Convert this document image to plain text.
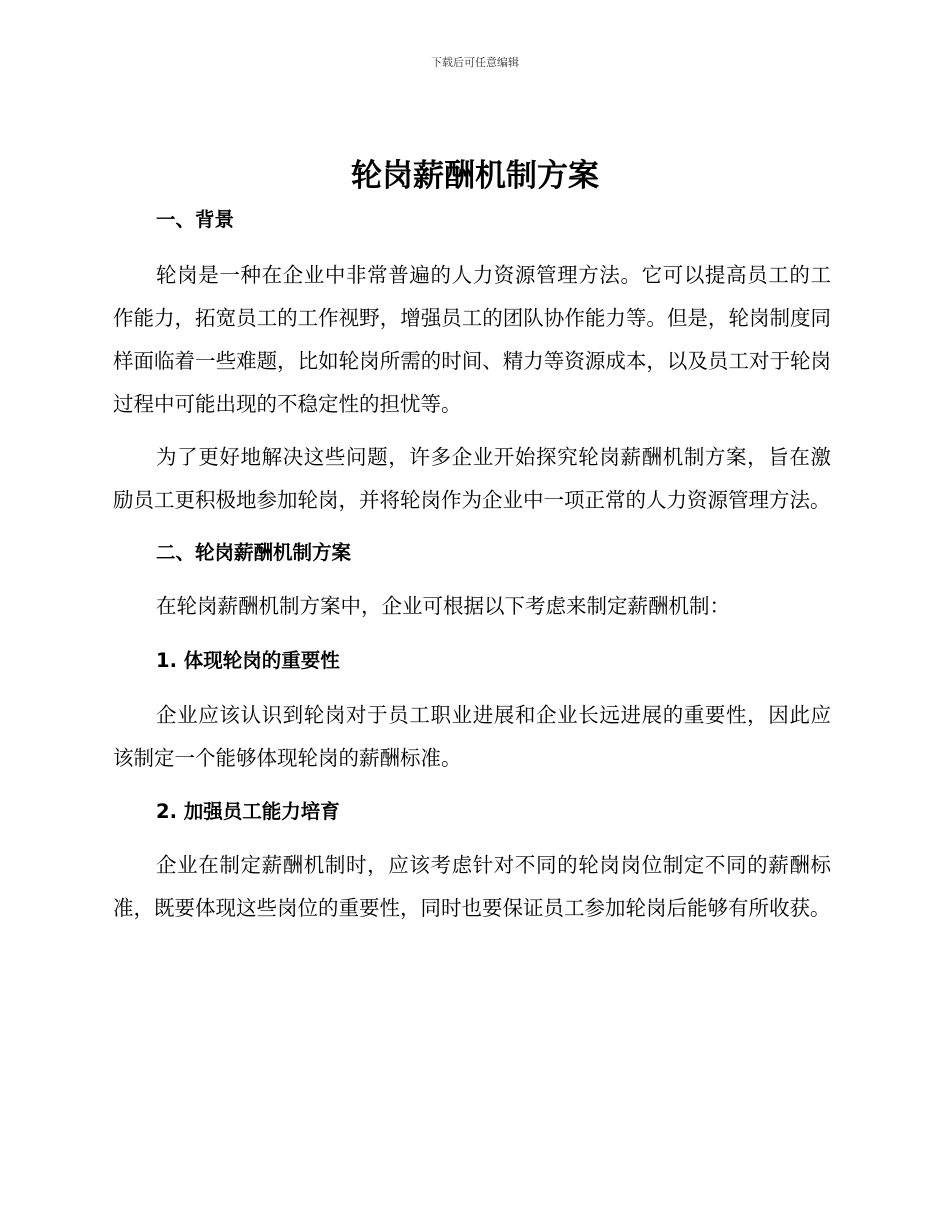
下载后可任意编辑
轮岗薪酬机制方案

一、背景

轮岗是一种在企业中非常普遍的人力资源管理方法。它可以提高员工的工作能力，拓宽员工的工作视野，增强员工的团队协作能力等。但是，轮岗制度同样面临着一些难题，比如轮岗所需的时间、精力等资源成本，以及员工对于轮岗过程中可能出现的不稳定性的担忧等。

为了更好地解决这些问题，许多企业开始探究轮岗薪酬机制方案，旨在激励员工更积极地参加轮岗，并将轮岗作为企业中一项正常的人力资源管理方法。

二、轮岗薪酬机制方案

在轮岗薪酬机制方案中，企业可根据以下考虑来制定薪酬机制：

1. 体现轮岗的重要性

企业应该认识到轮岗对于员工职业进展和企业长远进展的重要性，因此应该制定一个能够体现轮岗的薪酬标准。

2. 加强员工能力培育

企业在制定薪酬机制时，应该考虑针对不同的轮岗岗位制定不同的薪酬标准，既要体现这些岗位的重要性，同时也要保证员工参加轮岗后能够有所收获。
